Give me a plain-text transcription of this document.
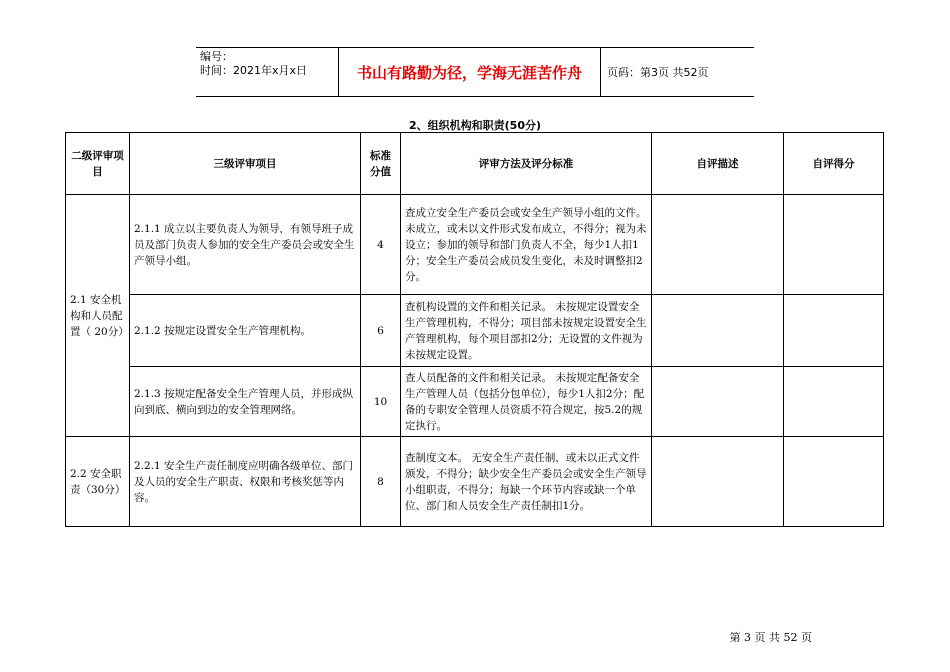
编号：
时间：2021年x月x日	书山有路勤为径，学海无涯苦作舟	页码：第3页 共52页
2、组织机构和职责(50分)
二级评审项目	三级评审项目	标准分值	评审方法及评分标准	自评描述	自评得分
2.1 安全机构和人员配置（ 20分）	2.1.1 成立以主要负责人为领导，有领导班子成员及部门负责人参加的安全生产委员会或安全生产领导小组。	4	查成立安全生产委员会或安全生产领导小组的文件。 未成立，或未以文件形式发布成立，不得分；视为未设立；参加的领导和部门负责人不全，每少1人扣1分；安全生产委员会成员发生变化，未及时调整扣2分。		
	2.1.2 按规定设置安全生产管理机构。	6	查机构设置的文件和相关记录。 未按规定设置安全生产管理机构，不得分；项目部未按规定设置安全生产管理机构，每个项目部扣2分；无设置的文件视为未按规定设置。		
	2.1.3 按规定配备安全生产管理人员，并形成纵向到底、横向到边的安全管理网络。	10	查人员配备的文件和相关记录。 未按规定配备安全生产管理人员（包括分包单位），每少1人扣2分；配备的专职安全管理人员资质不符合规定，按5.2的规定执行。		
2.2 安全职责（30分）	2.2.1 安全生产责任制度应明确各级单位、部门及人员的安全生产职责、权限和考核奖惩等内容。	8	查制度文本。 无安全生产责任制，或未以正式文件颁发，不得分；缺少安全生产委员会或安全生产领导小组职责，不得分；每缺一个环节内容或缺一个单位、部门和人员安全生产责任制扣1分。		
第 3 页 共 52 页
